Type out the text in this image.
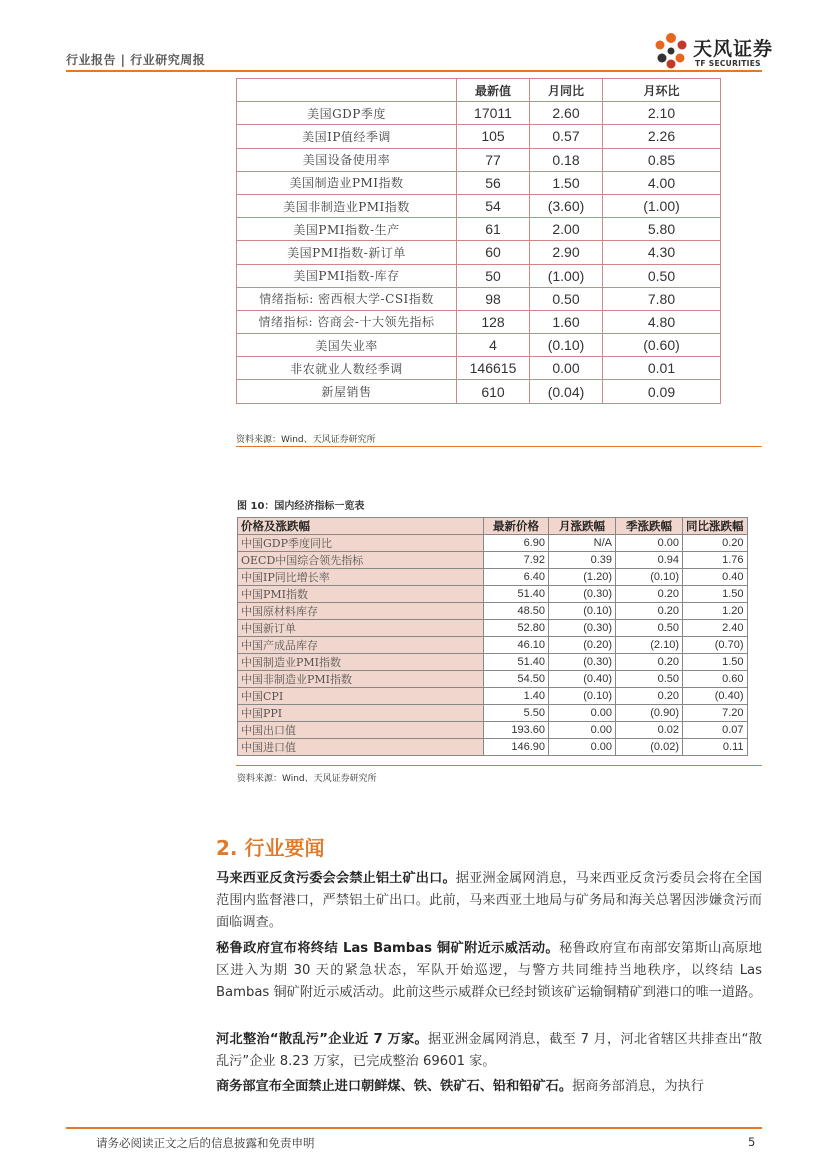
行业报告 | 行业研究周报	天风证券
TF SECURITIES
	最新值	月同比	月环比
美国GDP季度	17011	2.60	2.10
美国IP值经季调	105	0.57	2.26
美国设备使用率	77	0.18	0.85
美国制造业PMI指数	56	1.50	4.00
美国非制造业PMI指数	54	(3.60)	(1.00)
美国PMI指数-生产	61	2.00	5.80
美国PMI指数-新订单	60	2.90	4.30
美国PMI指数-库存	50	(1.00)	0.50
情绪指标: 密西根大学-CSI指数	98	0.50	7.80
情绪指标: 咨商会-十大领先指标	128	1.60	4.80
美国失业率	4	(0.10)	(0.60)
非农就业人数经季调	146615	0.00	0.01
新屋销售	610	(0.04)	0.09
资料来源：Wind、天风证券研究所
图 10：国内经济指标一览表
价格及涨跌幅	最新价格	月涨跌幅	季涨跌幅	同比涨跌幅
中国GDP季度同比	6.90	N/A	0.00	0.20
OECD中国综合领先指标	7.92	0.39	0.94	1.76
中国IP同比增长率	6.40	(1.20)	(0.10)	0.40
中国PMI指数	51.40	(0.30)	0.20	1.50
中国原材料库存	48.50	(0.10)	0.20	1.20
中国新订单	52.80	(0.30)	0.50	2.40
中国产成品库存	46.10	(0.20)	(2.10)	(0.70)
中国制造业PMI指数	51.40	(0.30)	0.20	1.50
中国非制造业PMI指数	54.50	(0.40)	0.50	0.60
中国CPI	1.40	(0.10)	0.20	(0.40)
中国PPI	5.50	0.00	(0.90)	7.20
中国出口值	193.60	0.00	0.02	0.07
中国进口值	146.90	0.00	(0.02)	0.11
资料来源：Wind、天风证券研究所
2. 行业要闻
马来西亚反贪污委会会禁止铝土矿出口。据亚洲金属网消息，马来西亚反贪污委员会将在全国范围内监督港口，严禁铝土矿出口。此前，马来西亚土地局与矿务局和海关总署因涉嫌贪污而面临调查。
秘鲁政府宣布将终结 Las Bambas 铜矿附近示威活动。秘鲁政府宣布南部安第斯山高原地区进入为期 30 天的紧急状态，军队开始巡逻，与警方共同维持当地秩序，以终结 Las Bambas 铜矿附近示威活动。此前这些示威群众已经封锁该矿运输铜精矿到港口的唯一道路。
河北整治“散乱污”企业近 7 万家。据亚洲金属网消息，截至 7 月，河北省辖区共排查出“散乱污”企业 8.23 万家，已完成整治 69601 家。
商务部宣布全面禁止进口朝鲜煤、铁、铁矿石、铅和铅矿石。据商务部消息，为执行
请务必阅读正文之后的信息披露和免责申明	5
